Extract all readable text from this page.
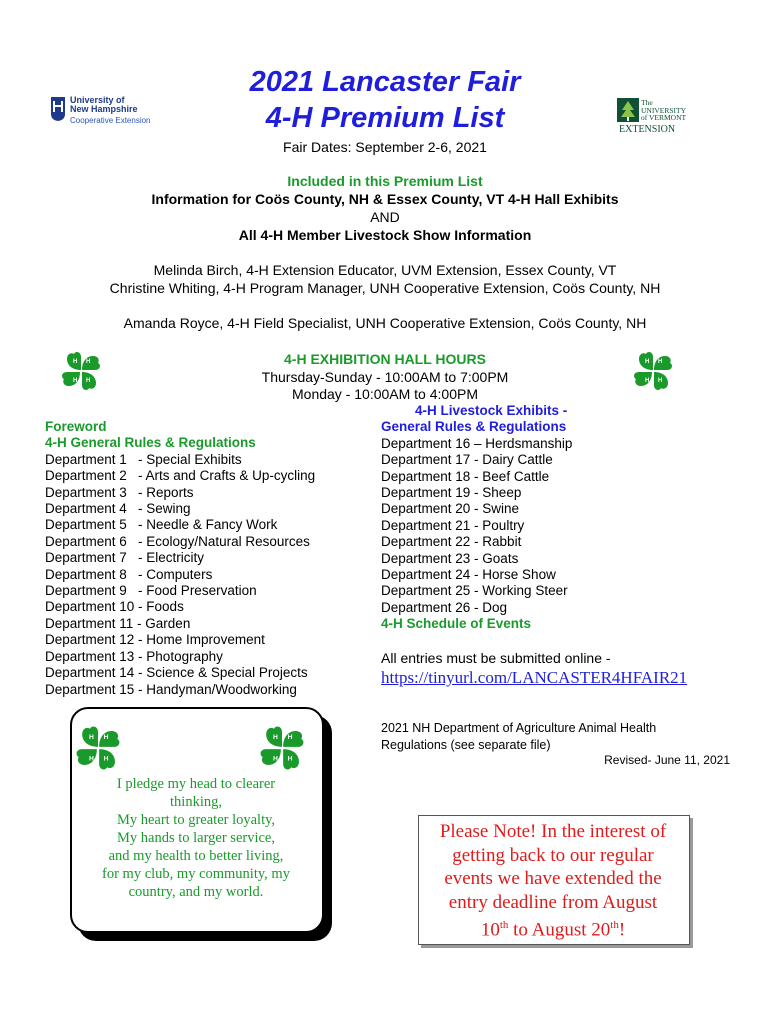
University of
New Hampshire
Cooperative Extension
The
UNIVERSITY
of VERMONT
EXTENSION
2021 Lancaster Fair
4-H Premium List
Fair Dates: September 2-6, 2021
Included in this Premium List
Information for Coös County, NH & Essex County, VT 4-H Hall Exhibits
AND
All 4-H Member Livestock Show Information
Melinda Birch, 4-H Extension Educator, UVM Extension, Essex County, VT
Christine Whiting, 4-H Program Manager, UNH Cooperative Extension, Coös County, NH
Amanda Royce, 4-H Field Specialist, UNH Cooperative Extension, Coös County, NH
H H
H
H
H H
H
H
4-H EXHIBITION HALL HOURS
Thursday-Sunday - 10:00AM to 7:00PM
Monday - 10:00AM to 4:00PM
Foreword
4-H General Rules & Regulations
Department 1   - Special Exhibits
Department 2   - Arts and Crafts & Up-cycling
Department 3   - Reports
Department 4   - Sewing
Department 5   - Needle & Fancy Work
Department 6   - Ecology/Natural Resources
Department 7   - Electricity
Department 8   - Computers
Department 9   - Food Preservation
Department 10 - Foods
Department 11 - Garden
Department 12 - Home Improvement
Department 13 - Photography
Department 14 - Science & Special Projects
Department 15 - Handyman/Woodworking
4-H Livestock Exhibits -
General Rules & Regulations
Department 16 – Herdsmanship
Department 17 - Dairy Cattle
Department 18 - Beef Cattle
Department 19 - Sheep
Department 20 - Swine
Department 21 - Poultry
Department 22 - Rabbit
Department 23 - Goats
Department 24 - Horse Show
Department 25 - Working Steer
Department 26 - Dog
4-H Schedule of Events
All entries must be submitted online -
https://tinyurl.com/LANCASTER4HFAIR21
2021 NH Department of Agriculture Animal Health
Regulations (see separate file)
Revised- June 11, 2021
H H
H
H
H H
H
H
I pledge my head to clearer
thinking,
My heart to greater loyalty,
My hands to larger service,
and my health to better living,
for my club, my community, my
country, and my world.
Please Note! In the interest of
getting back to our regular
events we have extended the
entry deadline from August
10th to August 20th!
